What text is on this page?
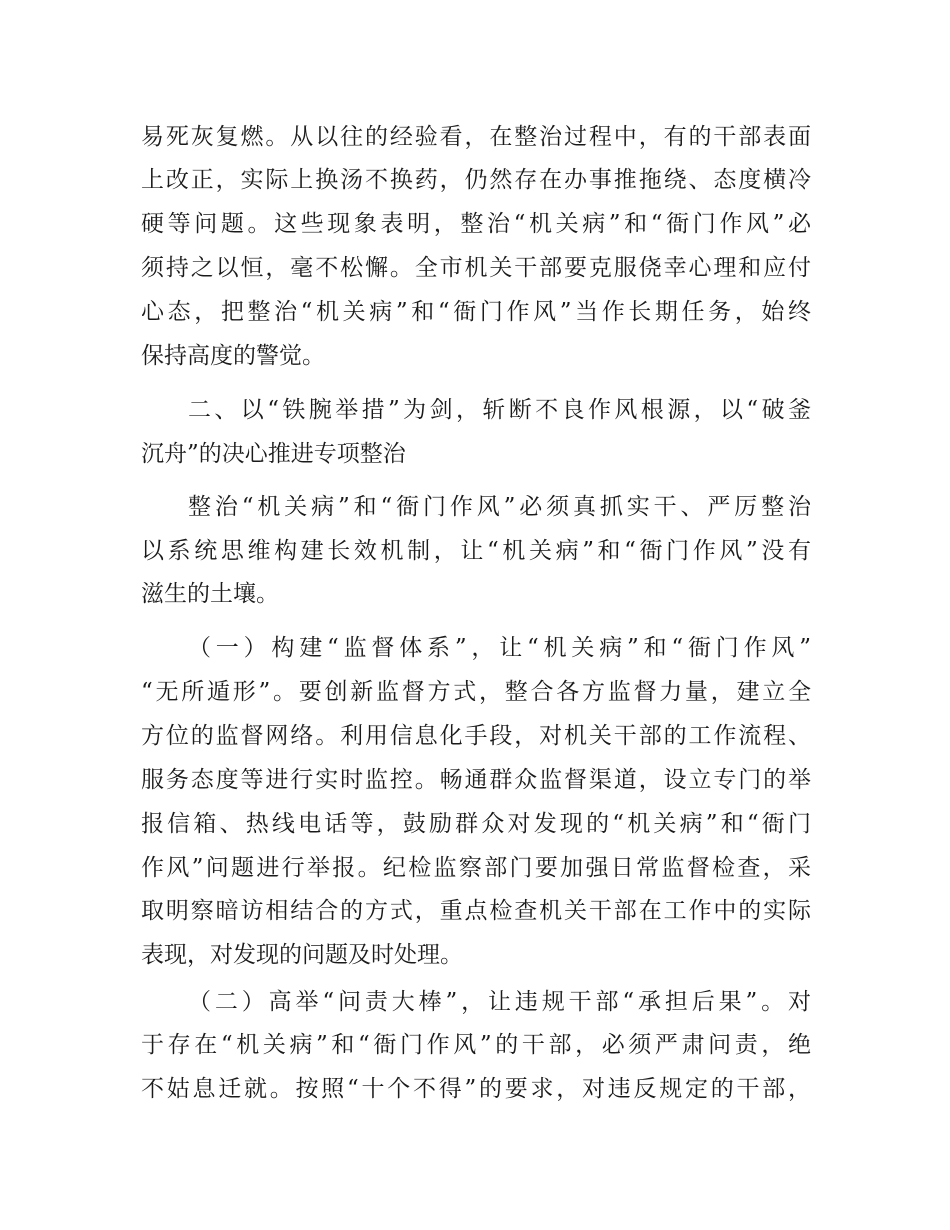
易死灰复燃。从以往的经验看，在整治过程中，有的干部表面
上改正，实际上换汤不换药，仍然存在办事推拖绕、态度横冷
硬等问题。这些现象表明，整治“机关病”和“衙门作风”必
须持之以恒，毫不松懈。全市机关干部要克服侥幸心理和应付
心态，把整治“机关病”和“衙门作风”当作长期任务，始终
保持高度的警觉。
二、以“铁腕举措”为剑，斩断不良作风根源，以“破釜
沉舟”的决心推进专项整治
整治“机关病”和“衙门作风”必须真抓实干、严厉整治
以系统思维构建长效机制，让“机关病”和“衙门作风”没有
滋生的土壤。
（一）构建“监督体系”，让“机关病”和“衙门作风”
“无所遁形”。要创新监督方式，整合各方监督力量，建立全
方位的监督网络。利用信息化手段，对机关干部的工作流程、
服务态度等进行实时监控。畅通群众监督渠道，设立专门的举
报信箱、热线电话等，鼓励群众对发现的“机关病”和“衙门
作风”问题进行举报。纪检监察部门要加强日常监督检查，采
取明察暗访相结合的方式，重点检查机关干部在工作中的实际
表现，对发现的问题及时处理。
（二）高举“问责大棒”，让违规干部“承担后果”。对
于存在“机关病”和“衙门作风”的干部，必须严肃问责，绝
不姑息迁就。按照“十个不得”的要求，对违反规定的干部，
